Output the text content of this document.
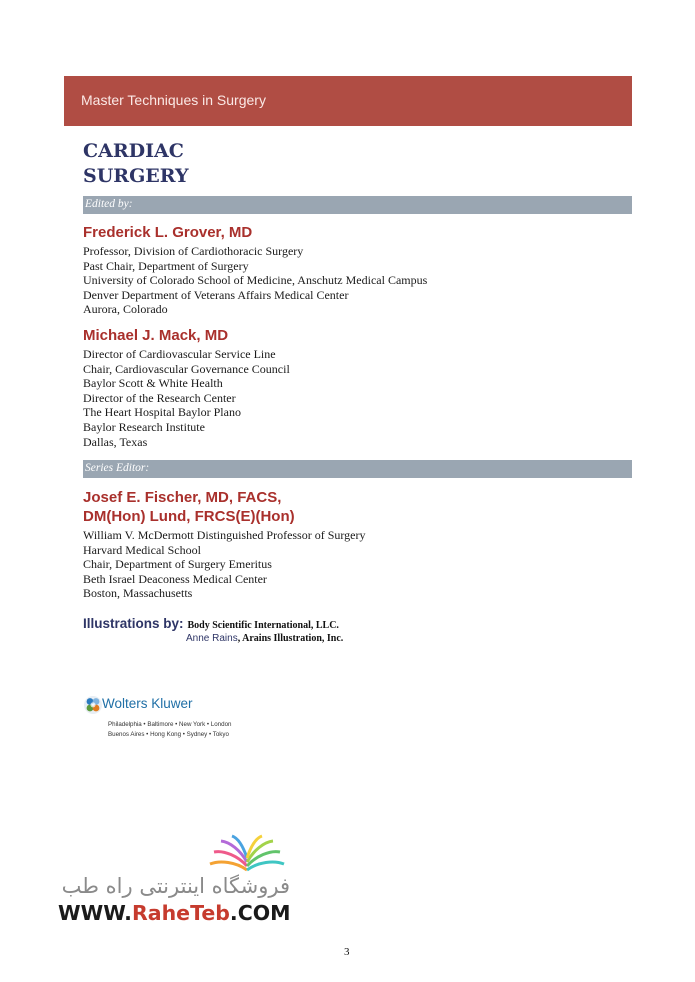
Master Techniques in Surgery
CARDIAC
SURGERY
Edited by:
Frederick L. Grover, MD
Professor, Division of Cardiothoracic Surgery
Past Chair, Department of Surgery
University of Colorado School of Medicine, Anschutz Medical Campus
Denver Department of Veterans Affairs Medical Center
Aurora, Colorado
Michael J. Mack, MD
Director of Cardiovascular Service Line
Chair, Cardiovascular Governance Council
Baylor Scott & White Health
Director of the Research Center
The Heart Hospital Baylor Plano
Baylor Research Institute
Dallas, Texas
Series Editor:
Josef E. Fischer, MD, FACS,
DM(Hon) Lund, FRCS(E)(Hon)
William V. McDermott Distinguished Professor of Surgery
Harvard Medical School
Chair, Department of Surgery Emeritus
Beth Israel Deaconess Medical Center
Boston, Massachusetts
Illustrations by: Body Scientific International, LLC.
Anne Rains, Arains Illustration, Inc.
Wolters Kluwer
Philadelphia • Baltimore • New York • London
Buenos Aires • Hong Kong • Sydney • Tokyo
فروشگاه اینترنتی راه طب
WWW.RaheTeb.COM
3
